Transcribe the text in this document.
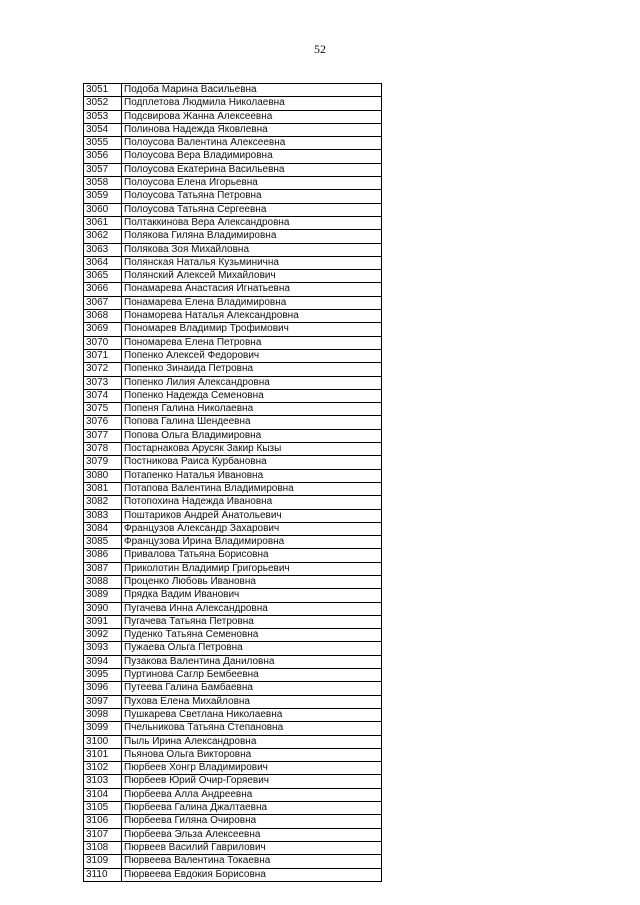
52
3051	Подоба Марина Васильевна
3052	Подплетова Людмила Николаевна
3053	Подсвирова Жанна Алексеевна
3054	Полинова Надежда Яковлевна
3055	Полоусова Валентина Алексеевна
3056	Полоусова Вера Владимировна
3057	Полоусова Екатерина Васильевна
3058	Полоусова Елена Игорьевна
3059	Полоусова Татьяна Петровна
3060	Полоусова Татьяна Сергеевна
3061	Полтаккинова Вера Александровна
3062	Полякова Гиляна Владимировна
3063	Полякова Зоя Михайловна
3064	Полянская Наталья Кузьминична
3065	Полянский Алексей Михайлович
3066	Понамарева Анастасия Игнатьевна
3067	Понамарева Елена Владимировна
3068	Понаморева Наталья Александровна
3069	Пономарев Владимир Трофимович
3070	Пономарева Елена Петровна
3071	Попенко Алексей Федорович
3072	Попенко Зинаида Петровна
3073	Попенко Лилия Александровна
3074	Попенко Надежда Семеновна
3075	Попеня Галина Николаевна
3076	Попова Галина Шендеевна
3077	Попова Ольга Владимировна
3078	Постарнакова Арусяк Закир Кызы
3079	Постникова Раиса Курбановна
3080	Потапенко Наталья Ивановна
3081	Потапова Валентина Владимировна
3082	Потопохина Надежда Ивановна
3083	Поштариков Андрей Анатольевич
3084	Французов Александр Захарович
3085	Французова Ирина Владимировна
3086	Привалова Татьяна Борисовна
3087	Приколотин Владимир Григорьевич
3088	Проценко Любовь Ивановна
3089	Прядка Вадим Иванович
3090	Пугачева Инна Александровна
3091	Пугачева Татьяна Петровна
3092	Пуденко Татьяна Семеновна
3093	Пужаева Ольга Петровна
3094	Пузакова Валентина Даниловна
3095	Пуртинова Саглр Бембеевна
3096	Путеева Галина Бамбаевна
3097	Пухова Елена Михайловна
3098	Пушкарева Светлана Николаевна
3099	Пчельникова Татьяна Степановна
3100	Пыль Ирина Александровна
3101	Пьянова Ольга Викторовна
3102	Пюрбеев Хонгр Владимирович
3103	Пюрбеев Юрий Очир-Горяевич
3104	Пюрбеева Алла Андреевна
3105	Пюрбеева Галина Джалтаевна
3106	Пюрбеева Гиляна Очировна
3107	Пюрбеева Эльза Алексеевна
3108	Пюрвеев Василий Гаврилович
3109	Пюрвеева Валентина Токаевна
3110	Пюрвеева Евдокия Борисовна
